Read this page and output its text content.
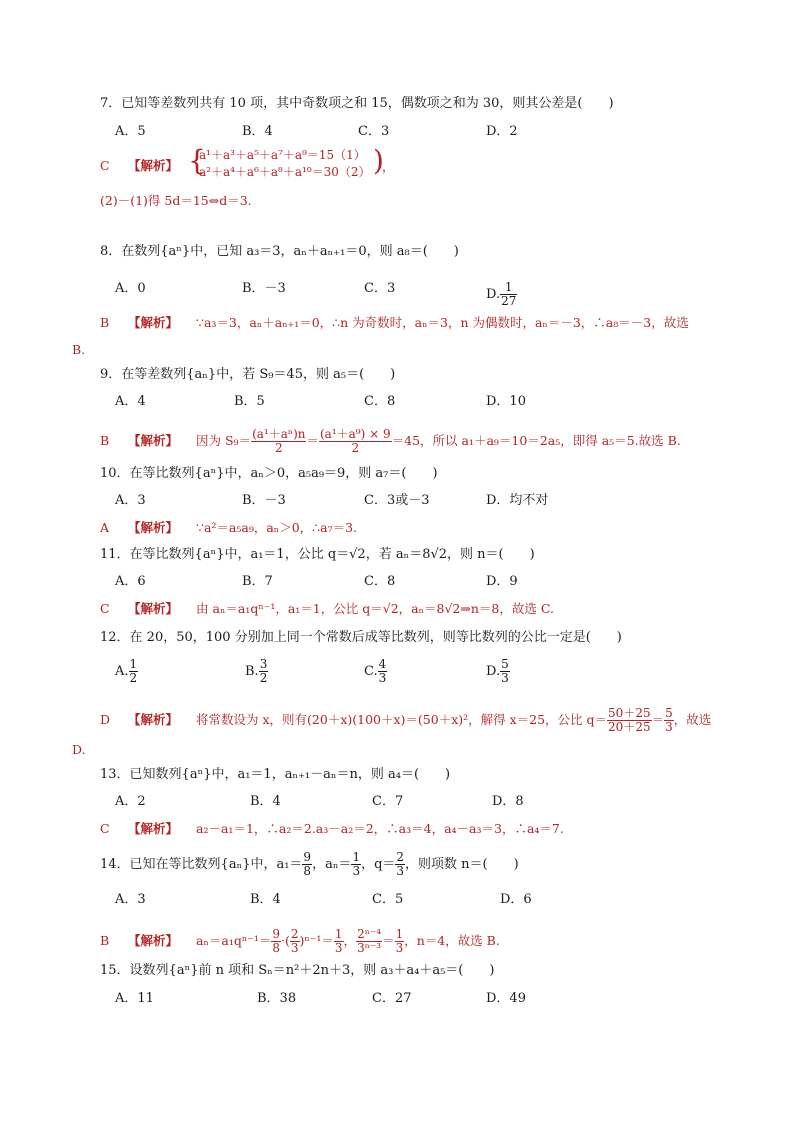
7．已知等差数列共有 10 项，其中奇数项之和 15，偶数项之和为 30，则其公差是(　　)
A．5	B．4	C．3	D．2
C 【解析】 {
a¹＋a³＋a⁵＋a⁷＋a⁹＝15（1）
a²＋a⁴＋a⁶＋a⁸＋a¹⁰＝30（2） )
，
(2)－(1)得 5d＝15⇔d＝3.
8．在数列{aⁿ}中，已知 a₃＝3，aₙ＋aₙ₊₁＝0，则 a₈＝(　　)
A．0	B．－3	C．3	D. $\frac{1}{27}$
B 【解析】 ∵a₃＝3，aₙ＋aₙ₊₁＝0，∴n 为奇数时，aₙ＝3，n 为偶数时，aₙ＝－3，∴a₈＝－3，故选
B.
9．在等差数列{aₙ}中，若 S₉＝45，则 a₅＝(　　)
A．4	B．5	C．8	D．10
B 【解析】 因为 $S_9= \frac{\text{(a¹＋aⁿ)n}}{2} = \frac{\text{(a¹＋a⁹) × 9}}{2} =45$，所以 a₁＋a₉＝10＝2a₅，即得 a₅＝5.故选 B.
10．在等比数列{aⁿ}中，aₙ＞0，a₅a₉＝9，则 a₇＝(　　)
A．3	B．－3	C．3或－3	D．均不对
A 【解析】 ∵a²＝a₅a₉，aₙ＞0，∴a₇＝3.
11．在等比数列{aⁿ}中，a₁＝1，公比 q＝√2，若 aₙ＝8√2，则 n＝(　　)
A．6	B．7	C．8	D．9
C 【解析】 由 aₙ＝a₁qⁿ⁻¹，a₁＝1，公比 q＝√2，aₙ＝8√2⇒n＝8，故选 C.
12．在 20，50，100 分别加上同一个常数后成等比数列，则等比数列的公比一定是(　　)
A. $\frac{1}{2}$	B. $\frac{3}{2}$	C. $\frac{4}{3}$	D. $\frac{5}{3}$
D 【解析】 将常数设为 x，则有(20＋x)(100＋x)＝(50＋x)²，解得 x＝25，公比 $q= \frac{50+25}{20+25} = \frac{5}{3}$ ，故选
D.
13．已知数列{aⁿ}中，a₁＝1，aₙ₊₁－aₙ＝n，则 a₄＝(　　)
A．2	B．4	C．7	D．8
C 【解析】 a₂－a₁＝1，∴a₂＝2.a₃－a₂＝2，∴a₃＝4，a₄－a₃＝3，∴a₄＝7.
14．已知在等比数列{aₙ}中，$a_1= \frac{9}{8}$ ，$a_n= \frac{1}{3}$ ，$q= \frac{2}{3}$ ，则项数 n＝(　　)
A．3	B．4	C．5	D．6
B 【解析】 $a_n=a_1q^{n-1}= \frac{9}{8}$ ·( $\frac{2}{3} )^{n-1}= \frac{1}{3}$ ， $\frac{\text{2ⁿ⁻⁴}}{\text{3ⁿ⁻³}} = \frac{1}{3}$ ，n＝4，故选 B.
15．设数列{aⁿ}前 n 项和 Sₙ＝n²＋2n＋3，则 a₃＋a₄＋a₅＝(　　)
A．11	B．38	C．27	D．49
